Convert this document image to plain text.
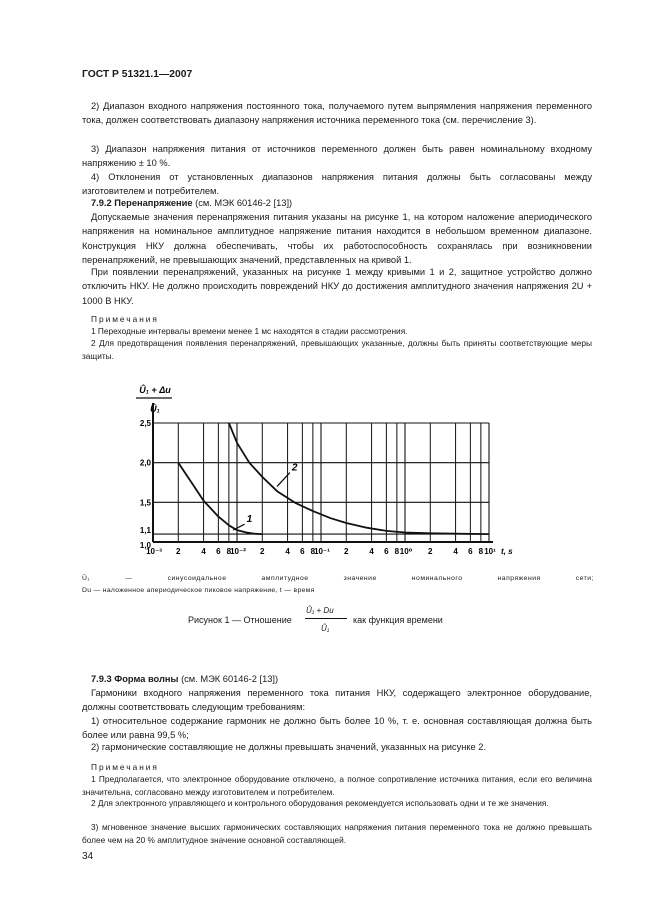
ГОСТ Р 51321.1—2007
2) Диапазон входного напряжения постоянного тока, получаемого путем выпрямления напряжения переменного тока, должен соответствовать диапазону напряжения источника переменного тока (см. перечисление 3).
3) Диапазон напряжения питания от источников переменного должен быть равен номинальному входному напряжению ± 10 %.
4) Отклонения от установленных диапазонов напряжения питания должны быть согласованы между изготовителем и потребителем.
7.9.2 Перенапряжение (см. МЭК 60146-2 [13])
Допускаемые значения перенапряжения питания указаны на рисунке 1, на котором наложение апериодического напряжения на номинальное амплитудное напряжение питания находится в небольшом временном диапазоне. Конструкция НКУ должна обеспечивать, чтобы их работоспособность сохранялась при возникновении перенапряжений, не превышающих значений, представленных на кривой 1.
При появлении перенапряжений, указанных на рисунке 1 между кривыми 1 и 2, защитное устройство должно отключить НКУ. Не должно происходить повреждений НКУ до достижения амплитудного значения напряжения 2U + 1000 В НКУ.
Примечания
1 Переходные интервалы времени менее 1 мс находятся в стадии рассмотрения.
2 Для предотвращения появления перенапряжений, превышающих указанные, должны быть приняты соответствующие меры защиты.
Û₁ + Δu
Û₁
2,5
2,0
1,5
1,1
1,0
10⁻³	10⁻²	10⁻¹	10⁰	10¹
2	4 6 8	2	4 6 8	2	4 6 8	2	4 6 8 t, s
1
2
Û₁ — синусоидальное амплитудное значение номинального напряжения сети;
Du — наложенное апериодическое пиковое напряжение, t — время
Рисунок 1 — Отношение
Û₁ + Du
Û₁
как функция времени
7.9.3 Форма волны (см. МЭК 60146-2 [13])
Гармоники входного напряжения переменного тока питания НКУ, содержащего электронное оборудование, должны соответствовать следующим требованиям:
1) относительное содержание гармоник не должно быть более 10 %, т. е. основная составляющая должна быть более или равна 99,5 %;
2) гармонические составляющие не должны превышать значений, указанных на рисунке 2.
Примечания
1 Предполагается, что электронное оборудование отключено, а полное сопротивление источника питания, если его величина значительна, согласовано между изготовителем и потребителем.
2 Для электронного управляющего и контрольного оборудования рекомендуется использовать одни и те же значения.
3) мгновенное значение высших гармонических составляющих напряжения питания переменного тока не должно превышать более чем на 20 % амплитудное значение основной составляющей.
34
